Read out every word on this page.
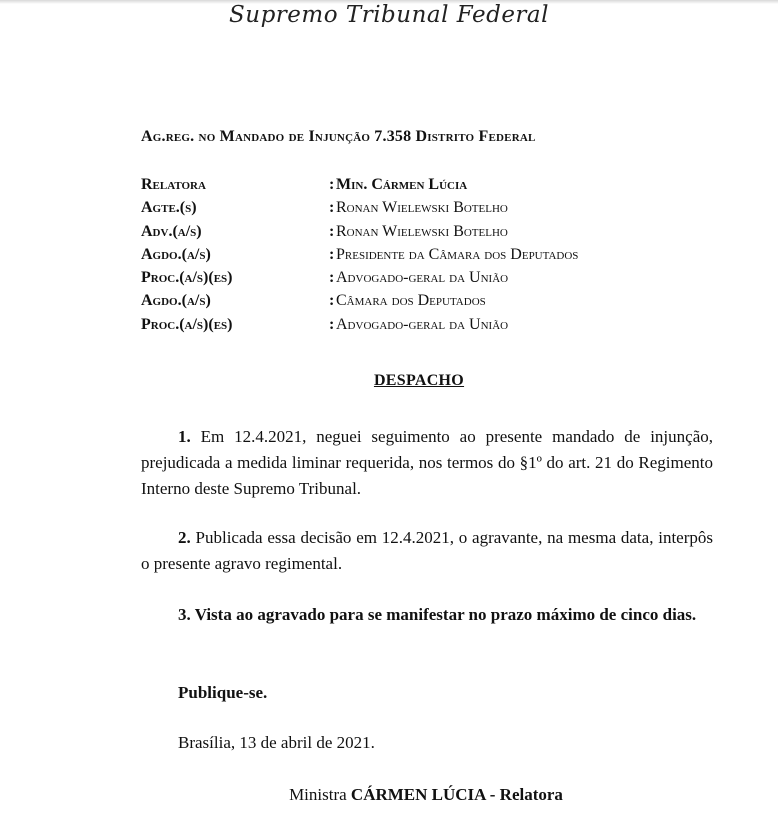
Supremo Tribunal Federal
Ag.reg. no Mandado de Injunção 7.358 Distrito Federal
Relatora	: Min. Cármen Lúcia
Agte.(s)	: Ronan Wielewski Botelho
Adv.(a/s)	: Ronan Wielewski Botelho
Agdo.(a/s)	: Presidente da Câmara dos Deputados
Proc.(a/s)(es)	: Advogado-geral da União
Agdo.(a/s)	: Câmara dos Deputados
Proc.(a/s)(es)	: Advogado-geral da União
DESPACHO
1. Em 12.4.2021, neguei seguimento ao presente mandado de injunção, prejudicada a medida liminar requerida, nos termos do §1º do art. 21 do Regimento Interno deste Supremo Tribunal.
2. Publicada essa decisão em 12.4.2021, o agravante, na mesma data, interpôs o presente agravo regimental.
3. Vista ao agravado para se manifestar no prazo máximo de cinco dias.
Publique-se.
Brasília, 13 de abril de 2021.
Ministra CÁRMEN LÚCIA - Relatora
